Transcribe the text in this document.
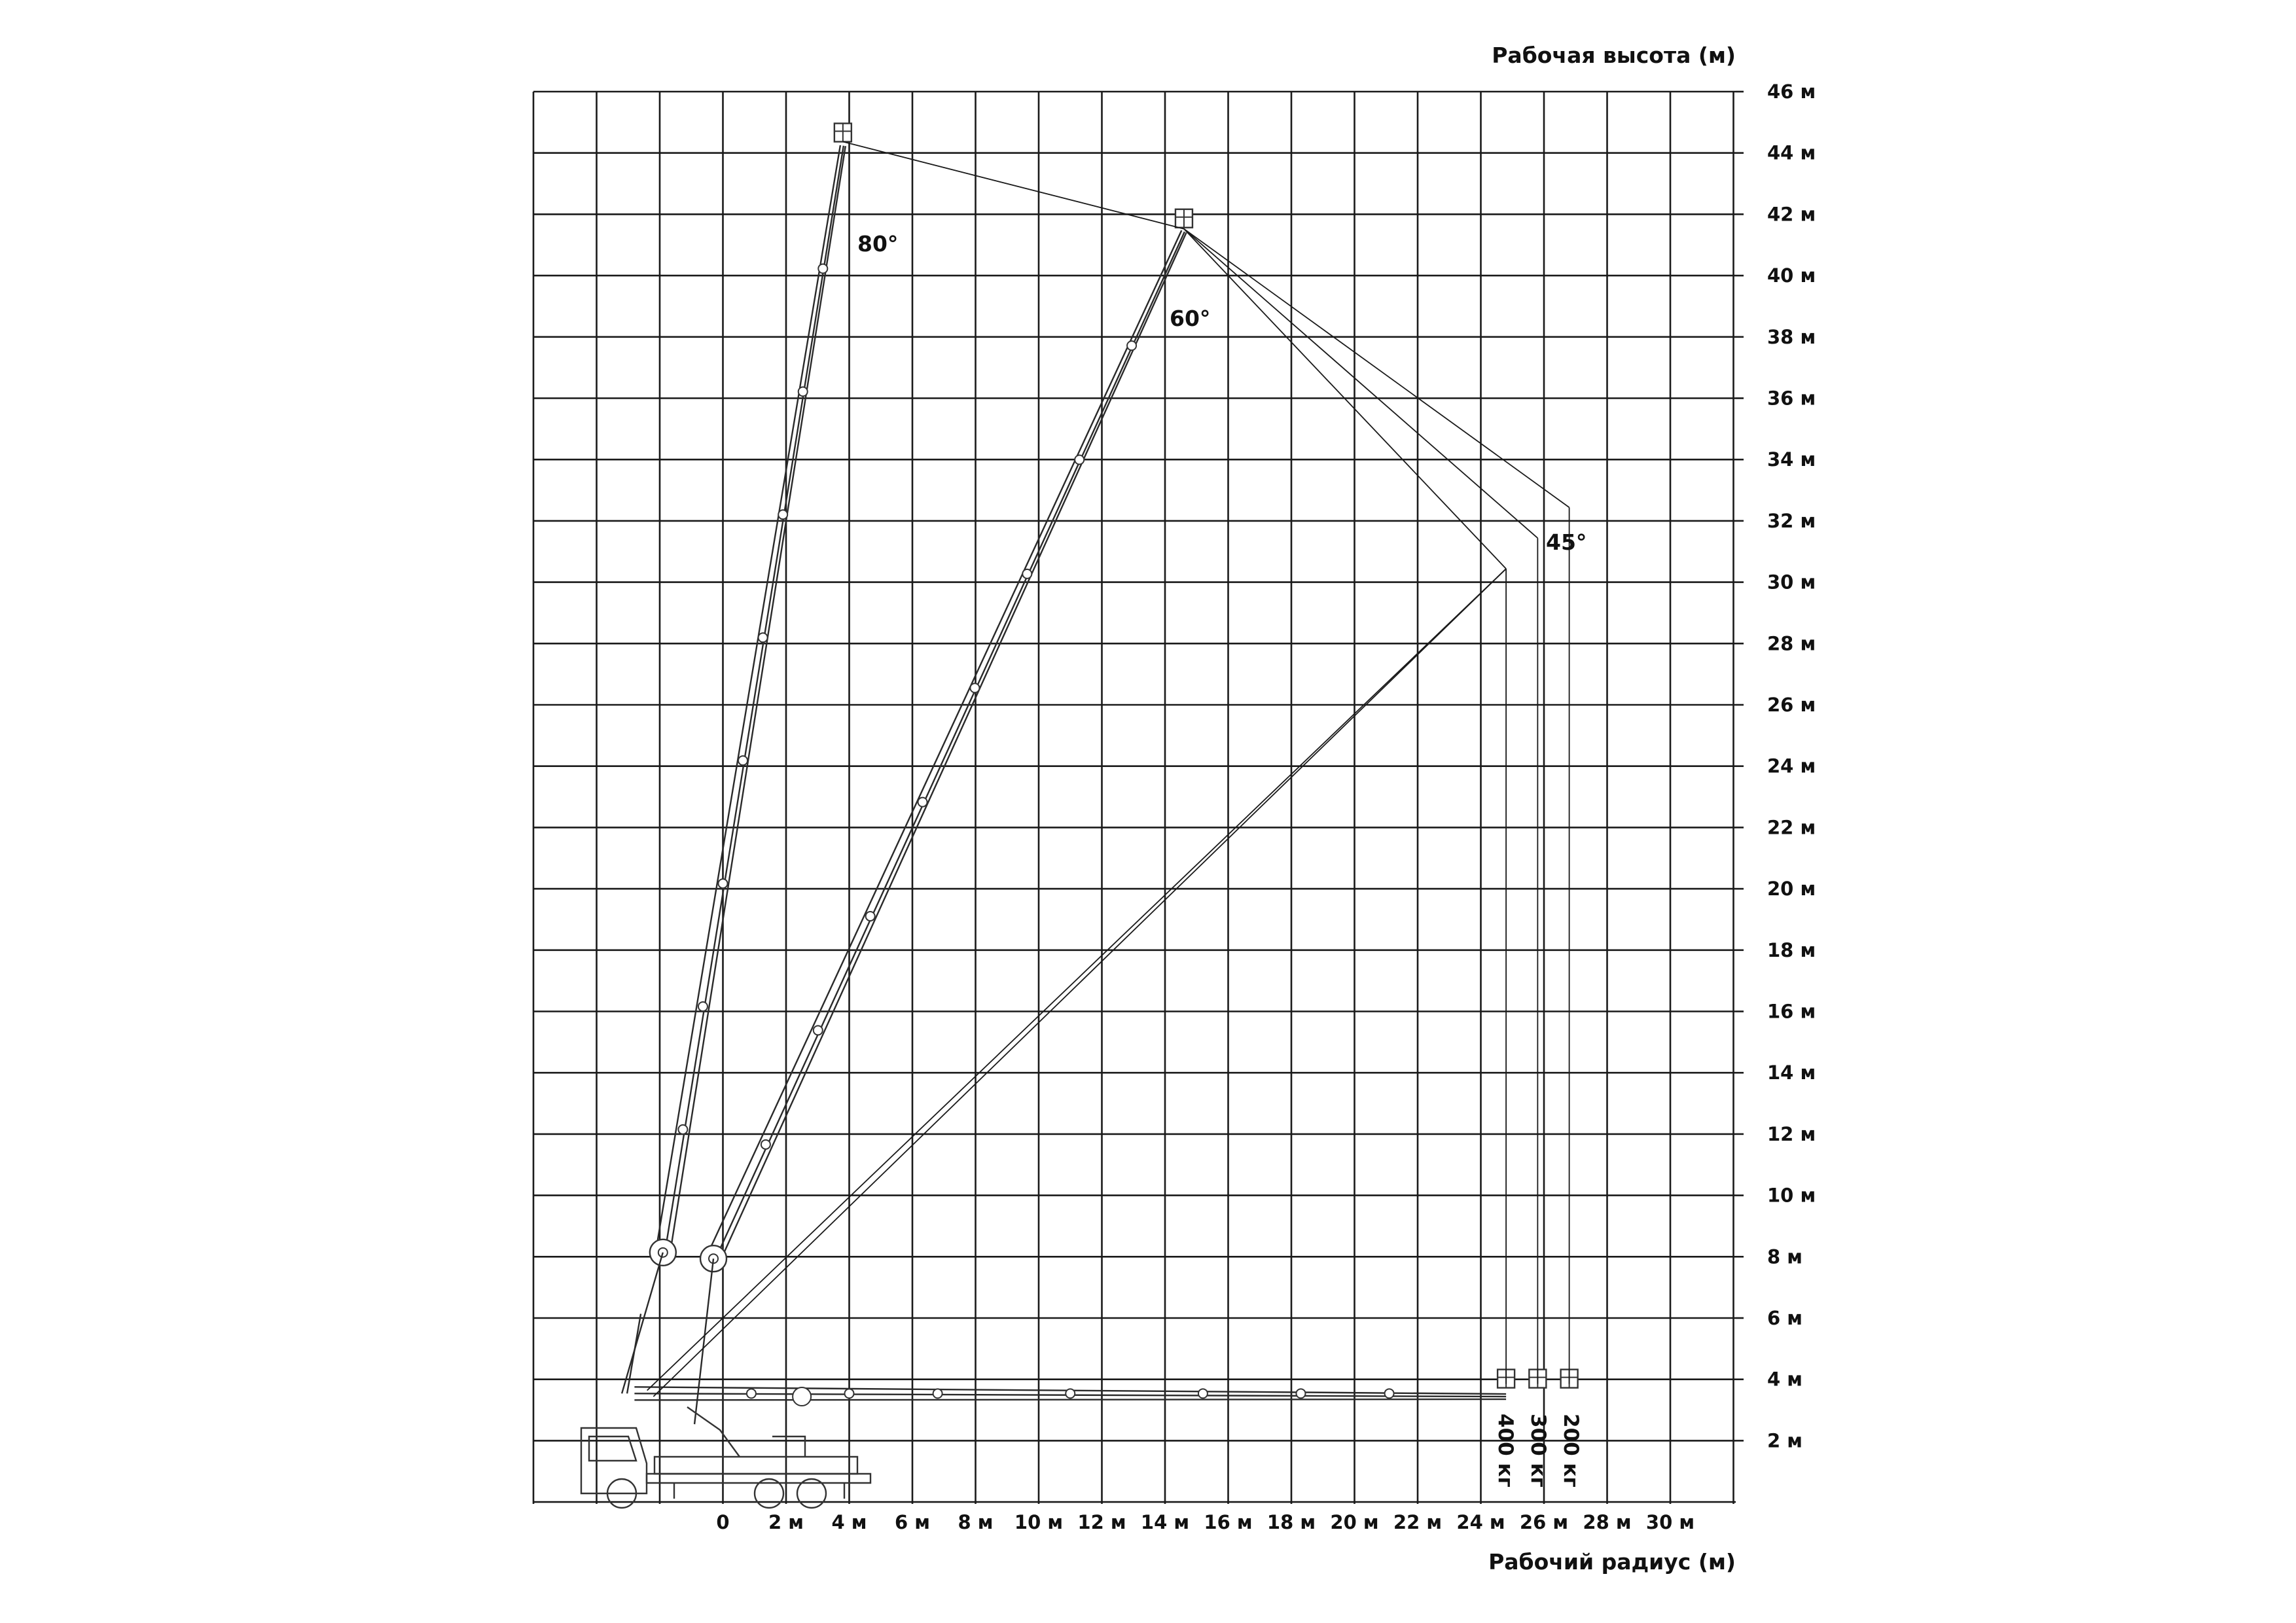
46 м
44 м
42 м
40 м
38 м
36 м
34 м
32 м
30 м
28 м
26 м
24 м
22 м
20 м
18 м
16 м
14 м
12 м
10 м
8 м
6 м
4 м
2 м
0 2 м 4 м 6 м 8 м 10 м 12 м 14 м 16 м 18 м 20 м 22 м 24 м 26 м 28 м 30 м
Рабочая высота (м)
Рабочий радиус (м)
80°
60°
45°
400 кг 300 кг 200 кг
